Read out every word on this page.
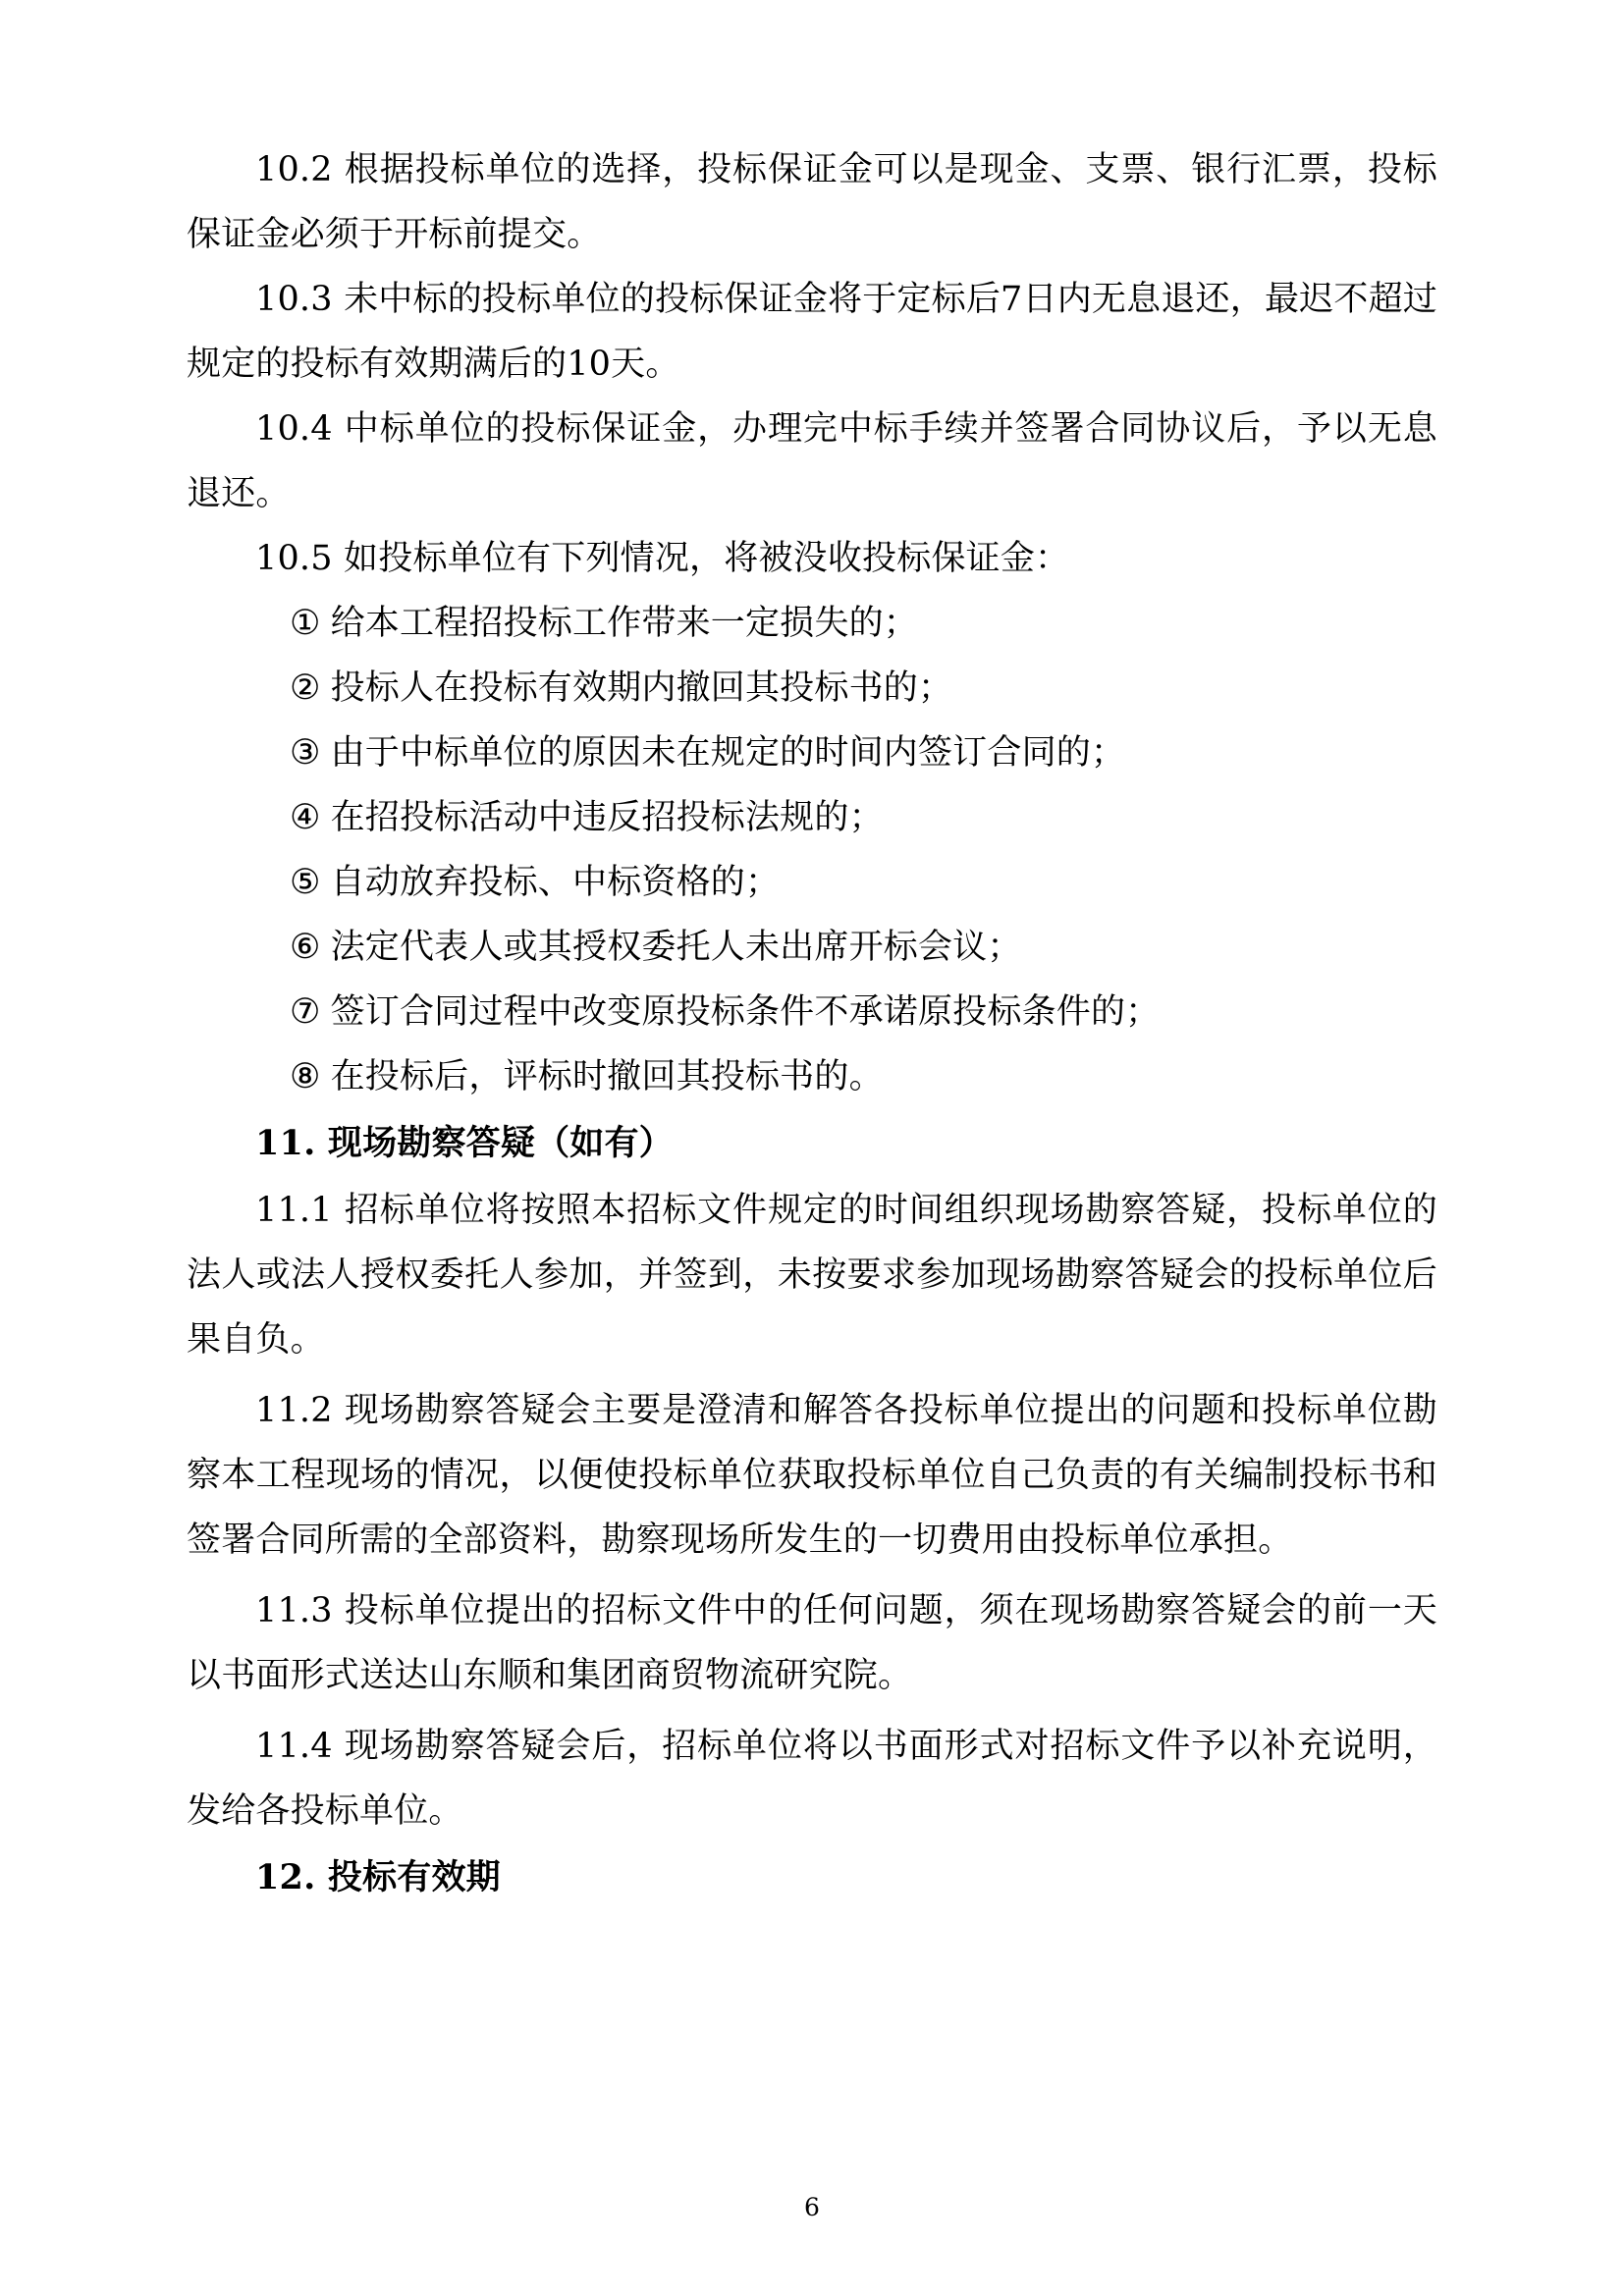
10.2 根据投标单位的选择，投标保证金可以是现金、支票、银行汇票，投标保证金必须于开标前提交。

10.3 未中标的投标单位的投标保证金将于定标后7日内无息退还，最迟不超过规定的投标有效期满后的10天。

10.4 中标单位的投标保证金，办理完中标手续并签署合同协议后，予以无息退还。

10.5 如投标单位有下列情况，将被没收投标保证金：

① 给本工程招投标工作带来一定损失的；
② 投标人在投标有效期内撤回其投标书的；
③ 由于中标单位的原因未在规定的时间内签订合同的；
④ 在招投标活动中违反招投标法规的；
⑤ 自动放弃投标、中标资格的；
⑥ 法定代表人或其授权委托人未出席开标会议；
⑦ 签订合同过程中改变原投标条件不承诺原投标条件的；
⑧ 在投标后，评标时撤回其投标书的。

11. 现场勘察答疑（如有）

11.1 招标单位将按照本招标文件规定的时间组织现场勘察答疑，投标单位的法人或法人授权委托人参加，并签到，未按要求参加现场勘察答疑会的投标单位后果自负。

11.2 现场勘察答疑会主要是澄清和解答各投标单位提出的问题和投标单位勘察本工程现场的情况，以便使投标单位获取投标单位自己负责的有关编制投标书和签署合同所需的全部资料，勘察现场所发生的一切费用由投标单位承担。

11.3 投标单位提出的招标文件中的任何问题，须在现场勘察答疑会的前一天以书面形式送达山东顺和集团商贸物流研究院。

11.4 现场勘察答疑会后，招标单位将以书面形式对招标文件予以补充说明，发给各投标单位。

12. 投标有效期

6
